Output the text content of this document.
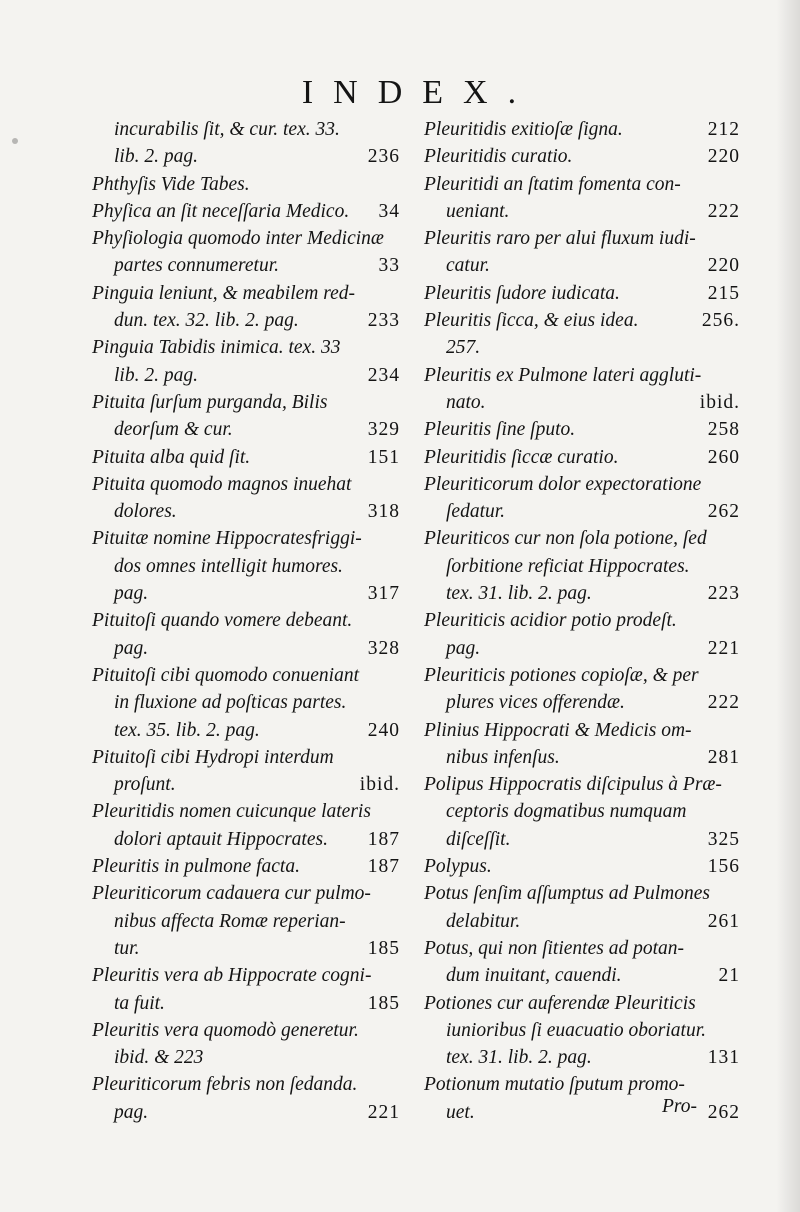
INDEX.
incurabilis ſit, & cur. tex. 33.
lib. 2. pag.	236
Phthyſis Vide Tabes.
Phyſica an ſit neceſſaria Medico. 34
Phyſiologia quomodo inter Medicinæ
partes connumeretur.	33
Pinguia leniunt, & meabilem red-
dun. tex. 32. lib. 2. pag.	233
Pinguia Tabidis inimica. tex. 33
lib. 2. pag.	234
Pituita ſurſum purganda, Bilis
deorſum & cur.	329
Pituita alba quid ſit.	151
Pituita quomodo magnos inuehat
dolores.	318
Pituitæ nomine Hippocratesfriggi-
dos omnes intelligit humores.
pag.	317
Pituitoſi quando vomere debeant.
pag.	328
Pituitoſi cibi quomodo conueniant
in fluxione ad poſticas partes.
tex. 35. lib. 2. pag.	240
Pituitoſi cibi Hydropi interdum
proſunt.	ibid.
Pleuritidis nomen cuicunque lateris
dolori aptauit Hippocrates. 187
Pleuritis in pulmone facta.	187
Pleuriticorum cadauera cur pulmo-
nibus affecta Romæ reperian-
tur.	185
Pleuritis vera ab Hippocrate cogni-
ta fuit.	185
Pleuritis vera quomodò generetur.
ibid. & 223
Pleuriticorum febris non ſedanda.
pag.	221
Pleuritidis exitioſæ ſigna.	212
Pleuritidis curatio.	220
Pleuritidi an ſtatim fomenta con-
ueniant.	222
Pleuritis raro per alui fluxum iudi-
catur.	220
Pleuritis ſudore iudicata.	215
Pleuritis ſicca, & eius idea.	256.
257.
Pleuritis ex Pulmone lateri aggluti-
nato.	ibid.
Pleuritis ſine ſputo.	258
Pleuritidis ſiccæ curatio.	260
Pleuriticorum dolor expectoratione
ſedatur.	262
Pleuriticos cur non ſola potione, ſed
ſorbitione reficiat Hippocrates.
tex. 31. lib. 2. pag.	223
Pleuriticis acidior potio prodeſt.
pag.	221
Pleuriticis potiones copioſæ, & per
plures vices offerendæ.	222
Plinius Hippocrati & Medicis om-
nibus infenſus.	281
Polipus Hippocratis diſcipulus à Præ-
ceptoris dogmatibus numquam
diſceſſit.	325
Polypus.	156
Potus ſenſim aſſumptus ad Pulmones
delabitur.	261
Potus, qui non ſitientes ad potan-
dum inuitant, cauendi.	21
Potiones cur auferendæ Pleuriticis
iunioribus ſi euacuatio oboriatur.
tex. 31. lib. 2. pag.	131
Potionum mutatio ſputum promo-
uet.	262
Pro-
